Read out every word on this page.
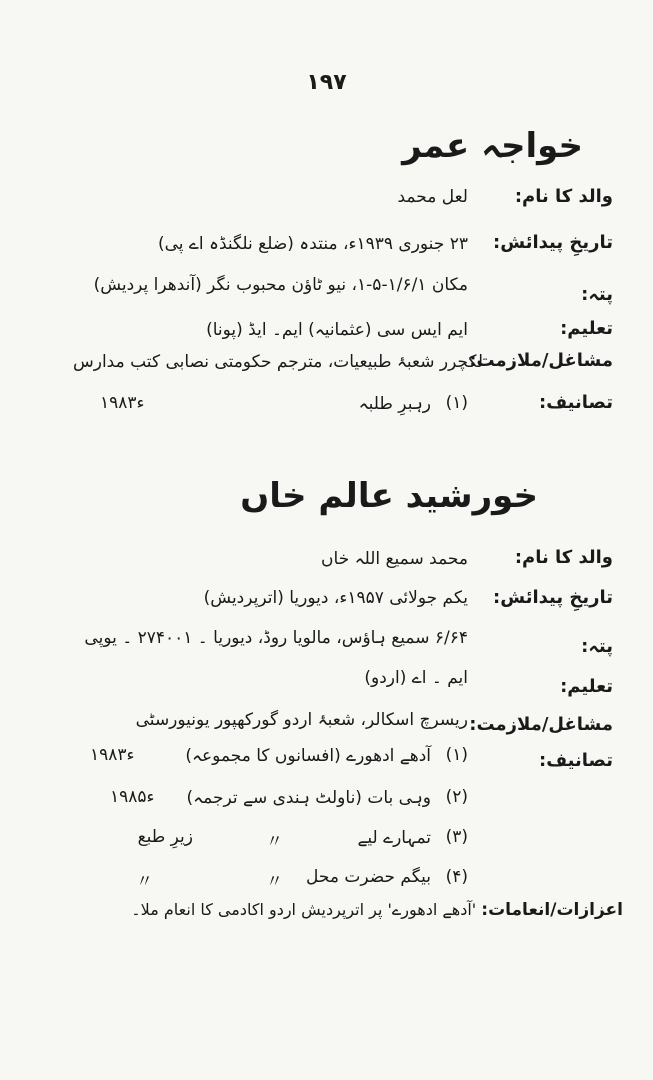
۱۹۷
خواجہ عمر
والد کا نام:
لعل محمد
تاریخِ پیدائش:
۲۳ جنوری ۱۹۳۹ء، منتدہ (ضلع نلگنڈہ اے پی)
پتہ:
مکان ۱/۶/۱-۵-۱، نیو ٹاؤن محبوب نگر (آندھرا پردیش)
تعلیم:
ایم ایس سی (عثمانیہ) ایم۔ ایڈ (پونا)
مشاغل/ملازمت:
لکچرر شعبۂ طبیعیات، مترجم حکومتی نصابی کتب مدارس
تصانیف:
(۱)
رہبرِ طلبہ
۱۹۸۳ء
خورشید عالم خاں
والد کا نام:
محمد سمیع اللہ خاں
تاریخِ پیدائش:
یکم جولائی ۱۹۵۷ء، دیوریا (اترپردیش)
پتہ:
۶/۶۴ سمیع ہاؤس، مالویا روڈ، دیوریا ۔ ۲۷۴۰۰۱ ۔ یوپی
تعلیم:
ایم ۔ اے (اردو)
مشاغل/ملازمت:
ریسرچ اسکالر، شعبۂ اردو گورکھپور یونیورسٹی
تصانیف:
(۱)
آدھے ادھورے (افسانوں کا مجموعہ)
۱۹۸۳ء
(۲)
وہی بات (ناولٹ ہندی سے ترجمہ)
۱۹۸۵ء
(۳)
تمہارے لیے
〃
زیرِ طبع
(۴)
بیگم حضرت محل
〃
〃
اعزازات/انعامات: 'آدھے ادھورے' پر اترپردیش اردو اکادمی کا انعام ملا۔
